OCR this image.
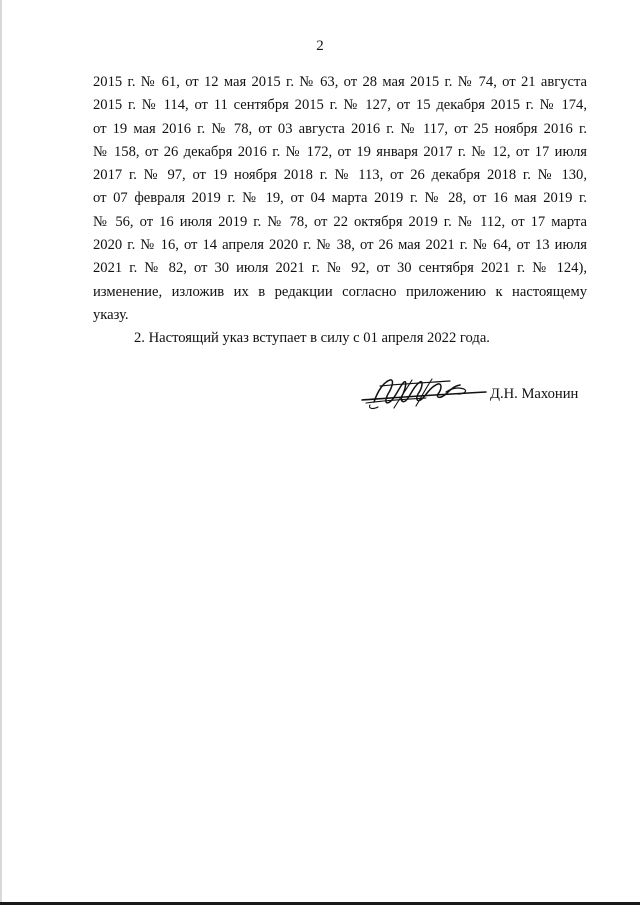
2
2015 г. № 61, от 12 мая 2015 г. № 63, от 28 мая 2015 г. № 74, от 21 августа
2015 г. № 114, от 11 сентября 2015 г. № 127, от 15 декабря 2015 г. № 174,
от 19 мая 2016 г. № 78, от 03 августа 2016 г. № 117, от 25 ноября 2016 г.
№ 158, от 26 декабря 2016 г. № 172, от 19 января 2017 г. № 12, от 17 июля
2017 г. № 97, от 19 ноября 2018 г. № 113, от 26 декабря 2018 г. № 130,
от 07 февраля 2019 г. № 19, от 04 марта 2019 г. № 28, от 16 мая 2019 г.
№ 56, от 16 июля 2019 г. № 78, от 22 октября 2019 г. № 112, от 17 марта
2020 г. № 16, от 14 апреля 2020 г. № 38, от 26 мая 2021 г. № 64, от 13 июля
2021 г. № 82, от 30 июля 2021 г. № 92, от 30 сентября 2021 г. № 124),
изменение, изложив их в редакции согласно приложению к настоящему
указу.
2. Настоящий указ вступает в силу с 01 апреля 2022 года.
Д.Н. Махонин
